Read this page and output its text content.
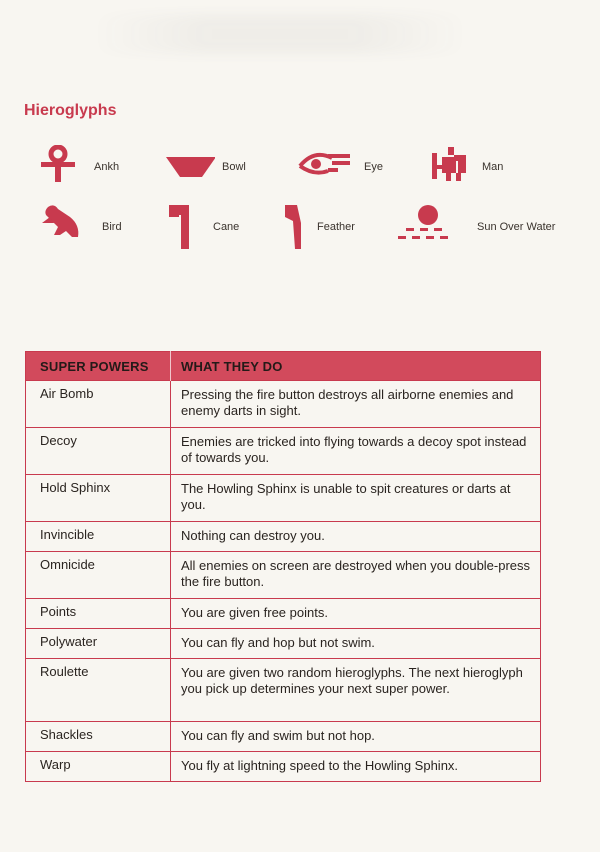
Hieroglyphs
Ankh	Bowl	Eye	Man
Bird	Cane	Feather	Sun Over Water
SUPER POWERS	WHAT THEY DO
Air Bomb	Pressing the fire button destroys all airborne enemies and enemy darts in sight.
Decoy	Enemies are tricked into flying towards a decoy spot instead of towards you.
Hold Sphinx	The Howling Sphinx is unable to spit creatures or darts at you.
Invincible	Nothing can destroy you.
Omnicide	All enemies on screen are destroyed when you double-press the fire button.
Points	You are given free points.
Polywater	You can fly and hop but not swim.
Roulette	You are given two random hieroglyphs. The next hieroglyph you pick up determines your next super power.
Shackles	You can fly and swim but not hop.
Warp	You fly at lightning speed to the Howling Sphinx.
